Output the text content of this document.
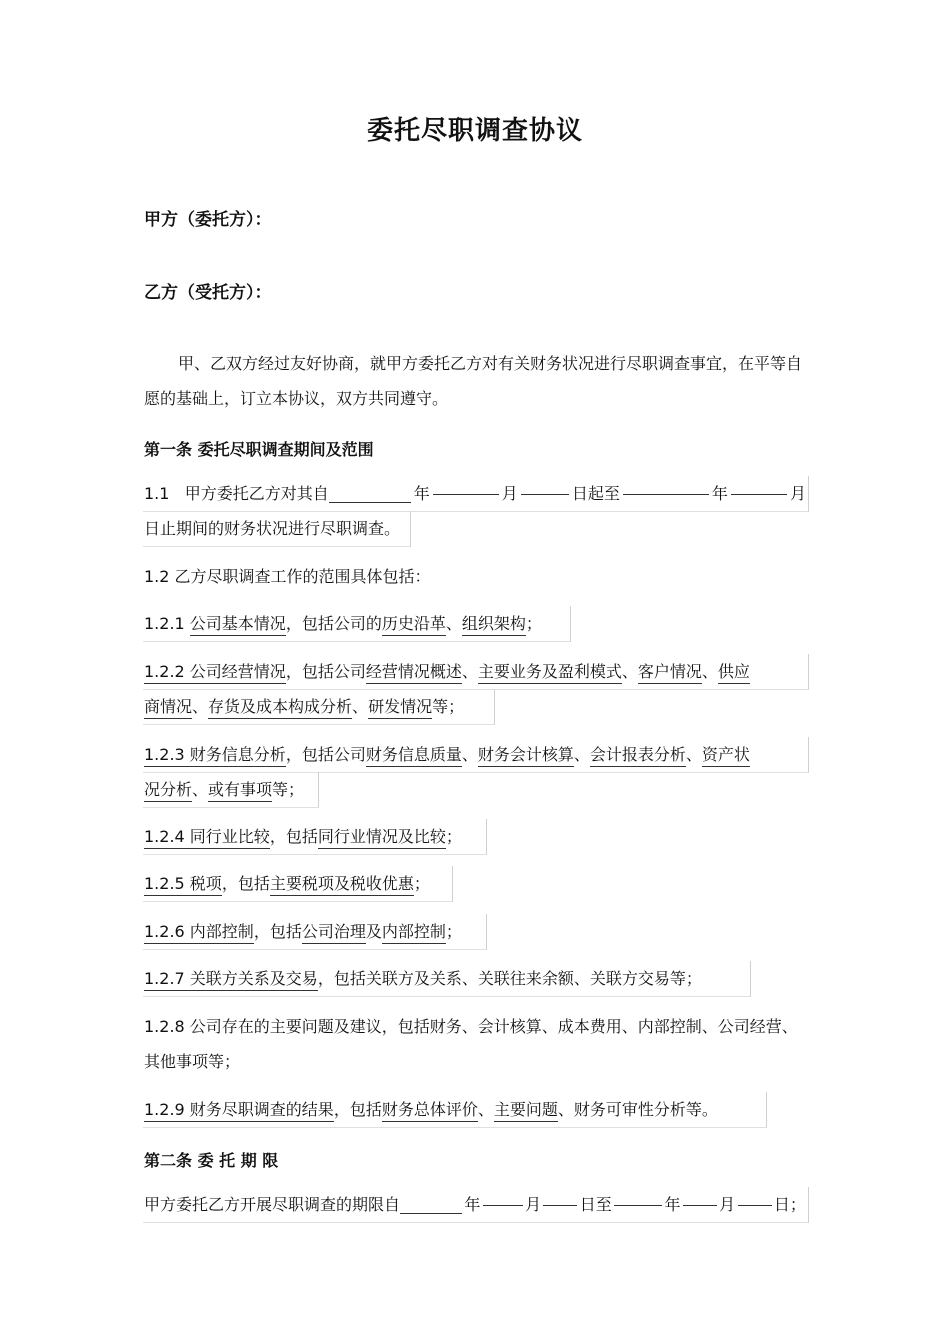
委托尽职调查协议
甲方（委托方）：
乙方（受托方）：
甲、乙双方经过友好协商，就甲方委托乙方对有关财务状况进行尽职调查事宜，在平等自愿的基础上，订立本协议，双方共同遵守。
第一条 委托尽职调查期间及范围
1.1 甲方委托乙方对其自	年	月	日起至	年	月
日止期间的财务状况进行尽职调查。
1.2 乙方尽职调查工作的范围具体包括：
1.2.1 公司基本情况，包括公司的历史沿革、组织架构；
1.2.2 公司经营情况，包括公司经营情况概述、主要业务及盈利模式、客户情况、供应
商情况、存货及成本构成分析、研发情况等；
1.2.3 财务信息分析，包括公司财务信息质量、财务会计核算、会计报表分析、资产状
况分析、或有事项等；
1.2.4 同行业比较，包括同行业情况及比较；
1.2.5 税项，包括主要税项及税收优惠；
1.2.6 内部控制，包括公司治理及内部控制；
1.2.7 关联方关系及交易，包括关联方及关系、关联往来余额、关联方交易等；
1.2.8 公司存在的主要问题及建议，包括财务、会计核算、成本费用、内部控制、公司经营、其他事项等；
1.2.9 财务尽职调查的结果，包括财务总体评价、主要问题、财务可审性分析等。
第二条 委 托 期 限
甲方委托乙方开展尽职调查的期限自	年	月 日至	年 月 日；
